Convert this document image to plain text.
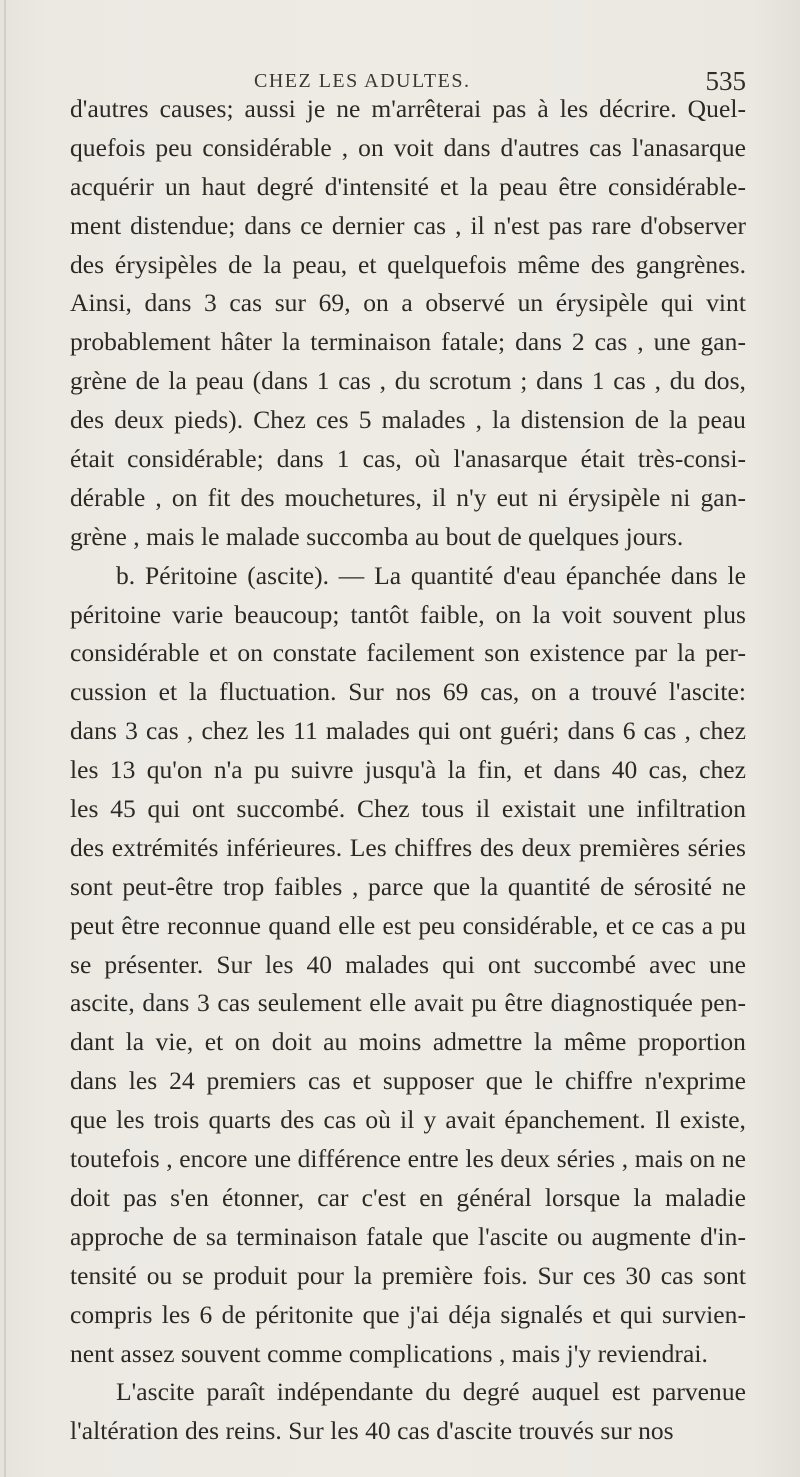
CHEZ LES ADULTES.	535
d'autres causes; aussi je ne m'arrêterai pas à les décrire. Quel-
quefois peu considérable , on voit dans d'autres cas l'anasarque
acquérir un haut degré d'intensité et la peau être considérable-
ment distendue; dans ce dernier cas , il n'est pas rare d'observer
des érysipèles de la peau, et quelquefois même des gangrènes.
Ainsi, dans 3 cas sur 69, on a observé un érysipèle qui vint
probablement hâter la terminaison fatale; dans 2 cas , une gan-
grène de la peau (dans 1 cas , du scrotum ; dans 1 cas , du dos,
des deux pieds). Chez ces 5 malades , la distension de la peau
était considérable; dans 1 cas, où l'anasarque était très-consi-
dérable , on fit des mouchetures, il n'y eut ni érysipèle ni gan-
grène , mais le malade succomba au bout de quelques jours.
b. Péritoine (ascite). — La quantité d'eau épanchée dans le
péritoine varie beaucoup; tantôt faible, on la voit souvent plus
considérable et on constate facilement son existence par la per-
cussion et la fluctuation. Sur nos 69 cas, on a trouvé l'ascite:
dans 3 cas , chez les 11 malades qui ont guéri; dans 6 cas , chez
les 13 qu'on n'a pu suivre jusqu'à la fin, et dans 40 cas, chez
les 45 qui ont succombé. Chez tous il existait une infiltration
des extrémités inférieures. Les chiffres des deux premières séries
sont peut-être trop faibles , parce que la quantité de sérosité ne
peut être reconnue quand elle est peu considérable, et ce cas a pu
se présenter. Sur les 40 malades qui ont succombé avec une
ascite, dans 3 cas seulement elle avait pu être diagnostiquée pen-
dant la vie, et on doit au moins admettre la même proportion
dans les 24 premiers cas et supposer que le chiffre n'exprime
que les trois quarts des cas où il y avait épanchement. Il existe,
toutefois , encore une différence entre les deux séries , mais on ne
doit pas s'en étonner, car c'est en général lorsque la maladie
approche de sa terminaison fatale que l'ascite ou augmente d'in-
tensité ou se produit pour la première fois. Sur ces 30 cas sont
compris les 6 de péritonite que j'ai déja signalés et qui survien-
nent assez souvent comme complications , mais j'y reviendrai.
L'ascite paraît indépendante du degré auquel est parvenue
l'altération des reins. Sur les 40 cas d'ascite trouvés sur nos
